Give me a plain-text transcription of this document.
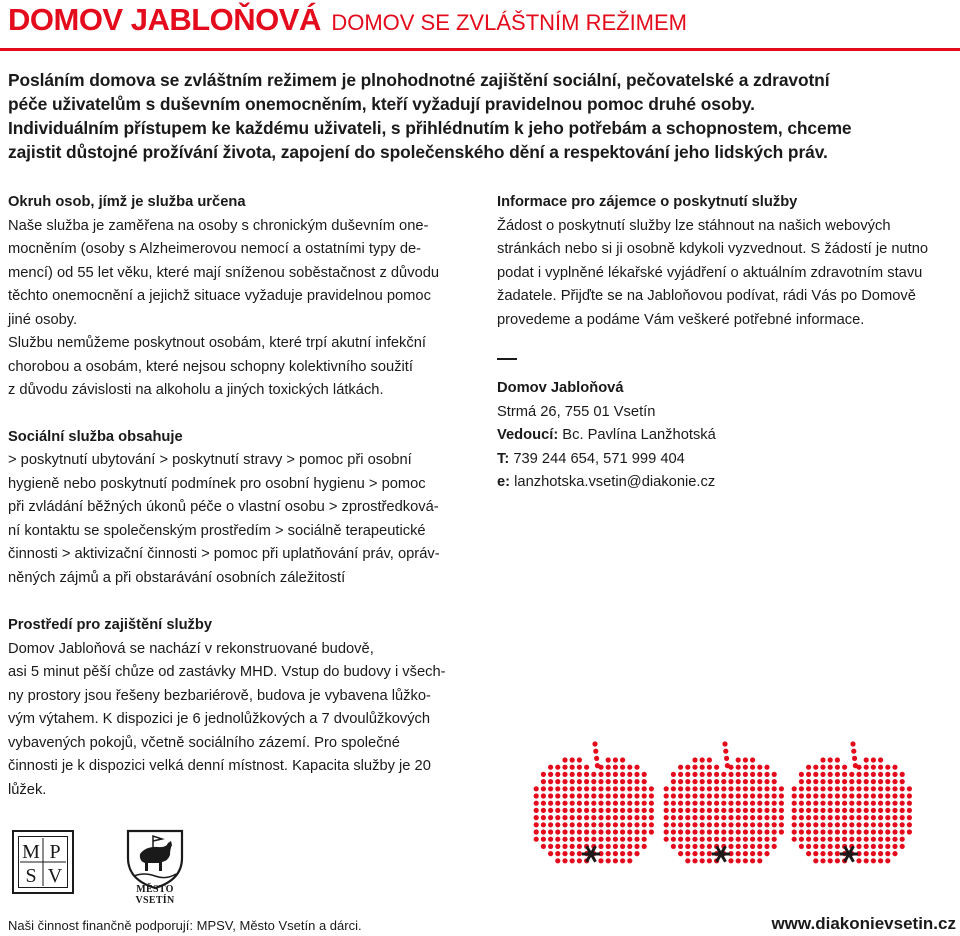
DOMOV JABLOŇOVÁ DOMOV SE ZVLÁŠTNÍM REŽIMEM

Posláním domova se zvláštním režimem je plnohodnotné zajištění sociální, pečovatelské a zdravotní

péče uživatelům s duševním onemocněním, kteří vyžadují pravidelnou pomoc druhé osoby.

Individuálním přístupem ke každému uživateli, s přihlédnutím k jeho potřebám a schopnostem, chceme

zajistit důstojné prožívání života, zapojení do společenského dění a respektování jeho lidských práv.

Okruh osob, jímž je služba určena

Naše služba je zaměřena na osoby s chronickým duševním one-

mocněním (osoby s Alzheimerovou nemocí a ostatními typy de-

mencí) od 55 let věku, které mají sníženou soběstačnost z důvodu

těchto onemocnění a jejichž situace vyžaduje pravidelnou pomoc

jiné osoby.

Službu nemůžeme poskytnout osobám, které trpí akutní infekční

chorobou a osobám, které nejsou schopny kolektivního soužití

z důvodu závislosti na alkoholu a jiných toxických látkách.

Sociální služba obsahuje

> poskytnutí ubytování > poskytnutí stravy > pomoc při osobní

hygieně nebo poskytnutí podmínek pro osobní hygienu > pomoc

při zvládání běžných úkonů péče o vlastní osobu > zprostředková-

ní kontaktu se společenským prostředím > sociálně terapeutické

činnosti > aktivizační činnosti > pomoc při uplatňování práv, opráv-

něných zájmů a při obstarávání osobních záležitostí

Informace pro zájemce o poskytnutí služby

Žádost o poskytnutí služby lze stáhnout na našich webových

stránkách nebo si ji osobně kdykoli vyzvednout. S žádostí je nutno

podat i vyplněné lékařské vyjádření o aktuálním zdravotním stavu

žadatele. Přijďte se na Jabloňovou podívat, rádi Vás po Domově

provedeme a podáme Vám veškeré potřebné informace.

Domov Jabloňová

Strmá 26, 755 01 Vsetín

Vedoucí: Bc. Pavlína Lanžhotská

T: 739 244 654, 571 999 404

e: lanzhotska.vsetin@diakonie.cz

Prostředí pro zajištění služby

Domov Jabloňová se nachází v rekonstruované budově,

asi 5 minut pěší chůze od zastávky MHD. Vstup do budovy i všech-

ny prostory jsou řešeny bezbariérově, budova je vybavena lůžko-

vým výtahem. K dispozici je 6 jednolůžkových a 7 dvoulůžkových

vybavených pokojů, včetně sociálního zázemí. Pro společné

činnosti je k dispozici velká denní místnost. Kapacita služby je 20

lůžek.

M P
S V
MĚSTO VSETÍN
Naši činnost finančně podporují: MPSV, Město Vsetín a dárci.	www.diakonievsetin.cz
